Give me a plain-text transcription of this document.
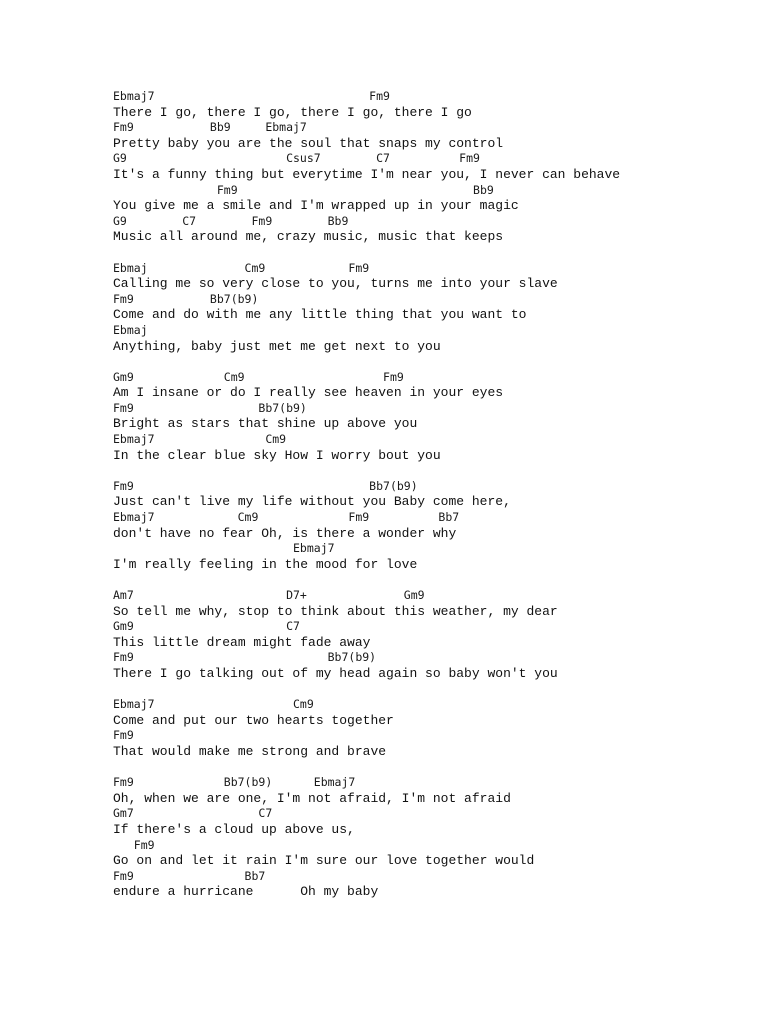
Ebmaj7                               Fm9
There I go, there I go, there I go, there I go
Fm9           Bb9     Ebmaj7
Pretty baby you are the soul that snaps my control
G9                       Csus7        C7          Fm9
It's a funny thing but everytime I'm near you, I never can behave
Fm9                                  Bb9
You give me a smile and I'm wrapped up in your magic
G9        C7        Fm9        Bb9
Music all around me, crazy music, music that keeps
Ebmaj              Cm9            Fm9
Calling me so very close to you, turns me into your slave
Fm9           Bb7(b9)
Come and do with me any little thing that you want to
Ebmaj
Anything, baby just met me get next to you
Gm9             Cm9                    Fm9
Am I insane or do I really see heaven in your eyes
Fm9                  Bb7(b9)
Bright as stars that shine up above you
Ebmaj7                Cm9
In the clear blue sky How I worry bout you
Fm9                                  Bb7(b9)
Just can't live my life without you Baby come here,
Ebmaj7            Cm9             Fm9          Bb7
don't have no fear Oh, is there a wonder why
Ebmaj7
I'm really feeling in the mood for love
Am7                      D7+              Gm9
So tell me why, stop to think about this weather, my dear
Gm9                      C7
This little dream might fade away
Fm9                            Bb7(b9)
There I go talking out of my head again so baby won't you
Ebmaj7                    Cm9
Come and put our two hearts together
Fm9
That would make me strong and brave
Fm9             Bb7(b9)      Ebmaj7
Oh, when we are one, I'm not afraid, I'm not afraid
Gm7                  C7
If there's a cloud up above us,
Fm9
Go on and let it rain I'm sure our love together would
Fm9                Bb7
endure a hurricane      Oh my baby
